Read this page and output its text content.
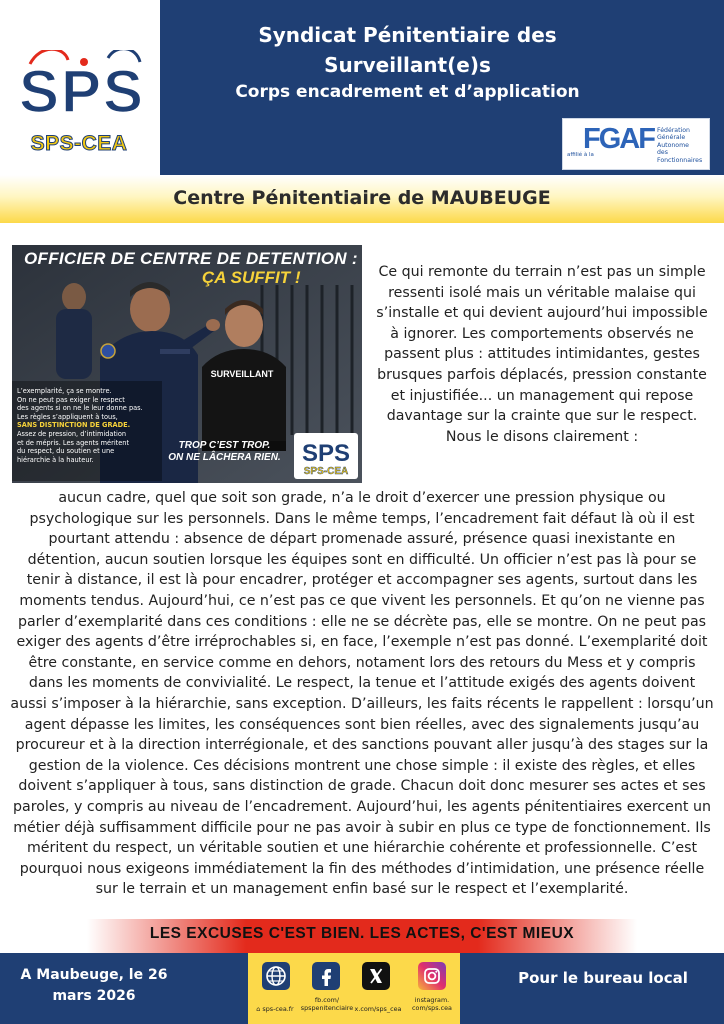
SPS
SPS-CEA
Syndicat Pénitentiaire des
Surveillant(e)s
Corps encadrement et d’application
affilié à la
FGAF Fédération
Générale
Autonome
des
Fonctionnaires
Centre Pénitentiaire de MAUBEUGE
SURVEILLANT
OFFICIER DE CENTRE DE DETENTION :
ÇA SUFFIT !
L’exemplarité, ça se montre.
On ne peut pas exiger le respect
des agents si on ne le leur donne pas.
Les règles s’appliquent à tous,
SANS DISTINCTION DE GRADE.
Assez de pression, d’intimidation
et de mépris. Les agents méritent
du respect, du soutien et une
hiérarchie à la hauteur.
TROP C’EST TROP.
ON NE LÂCHERA RIEN. SPS
SPS-CEA

Ce qui remonte du terrain n’est pas un simple ressenti isolé mais un véritable malaise qui s’installe et qui devient aujourd’hui impossible à ignorer. Les comportements observés ne passent plus : attitudes intimidantes, gestes brusques parfois déplacés, pression constante et injustifiée... un management qui repose davantage sur la crainte que sur le respect. Nous le disons clairement :

aucun cadre, quel que soit son grade, n’a le droit d’exercer une pression physique ou psychologique sur les personnels. Dans le même temps, l’encadrement fait défaut là où il est pourtant attendu : absence de départ promenade assuré, présence quasi inexistante en détention, aucun soutien lorsque les équipes sont en difficulté. Un officier n’est pas là pour se tenir à distance, il est là pour encadrer, protéger et accompagner ses agents, surtout dans les moments tendus. Aujourd’hui, ce n’est pas ce que vivent les personnels. Et qu’on ne vienne pas parler d’exemplarité dans ces conditions : elle ne se décrète pas, elle se montre. On ne peut pas exiger des agents d’être irréprochables si, en face, l’exemple n’est pas donné. L’exemplarité doit être constante, en service comme en dehors, notament lors des retours du Mess et y compris dans les moments de convivialité. Le respect, la tenue et l’attitude exigés des agents doivent aussi s’imposer à la hiérarchie, sans exception. D’ailleurs, les faits récents le rappellent : lorsqu’un agent dépasse les limites, les conséquences sont bien réelles, avec des signalements jusqu’au procureur et à la direction interrégionale, et des sanctions pouvant aller jusqu’à des stages sur la gestion de la violence. Ces décisions montrent une chose simple : il existe des règles, et elles doivent s’appliquer à tous, sans distinction de grade. Chacun doit donc mesurer ses actes et ses paroles, y compris au niveau de l’encadrement. Aujourd’hui, les agents pénitentiaires exercent un métier déjà suffisamment difficile pour ne pas avoir à subir en plus ce type de fonctionnement. Ils méritent du respect, un véritable soutien et une hiérarchie cohérente et professionnelle. C’est pourquoi nous exigeons immédiatement la fin des méthodes d’intimidation, une présence réelle sur le terrain et un management enfin basé sur le respect et l’exemplarité.

LES EXCUSES C'EST BIEN. LES ACTES, C'EST MIEUX
A Maubeuge, le 26
mars 2026
Pour le bureau local
⌂ sps-cea.fr
fb.com/
spspenitenciaire x.com/sps_cea
instagram.
com/sps.cea
